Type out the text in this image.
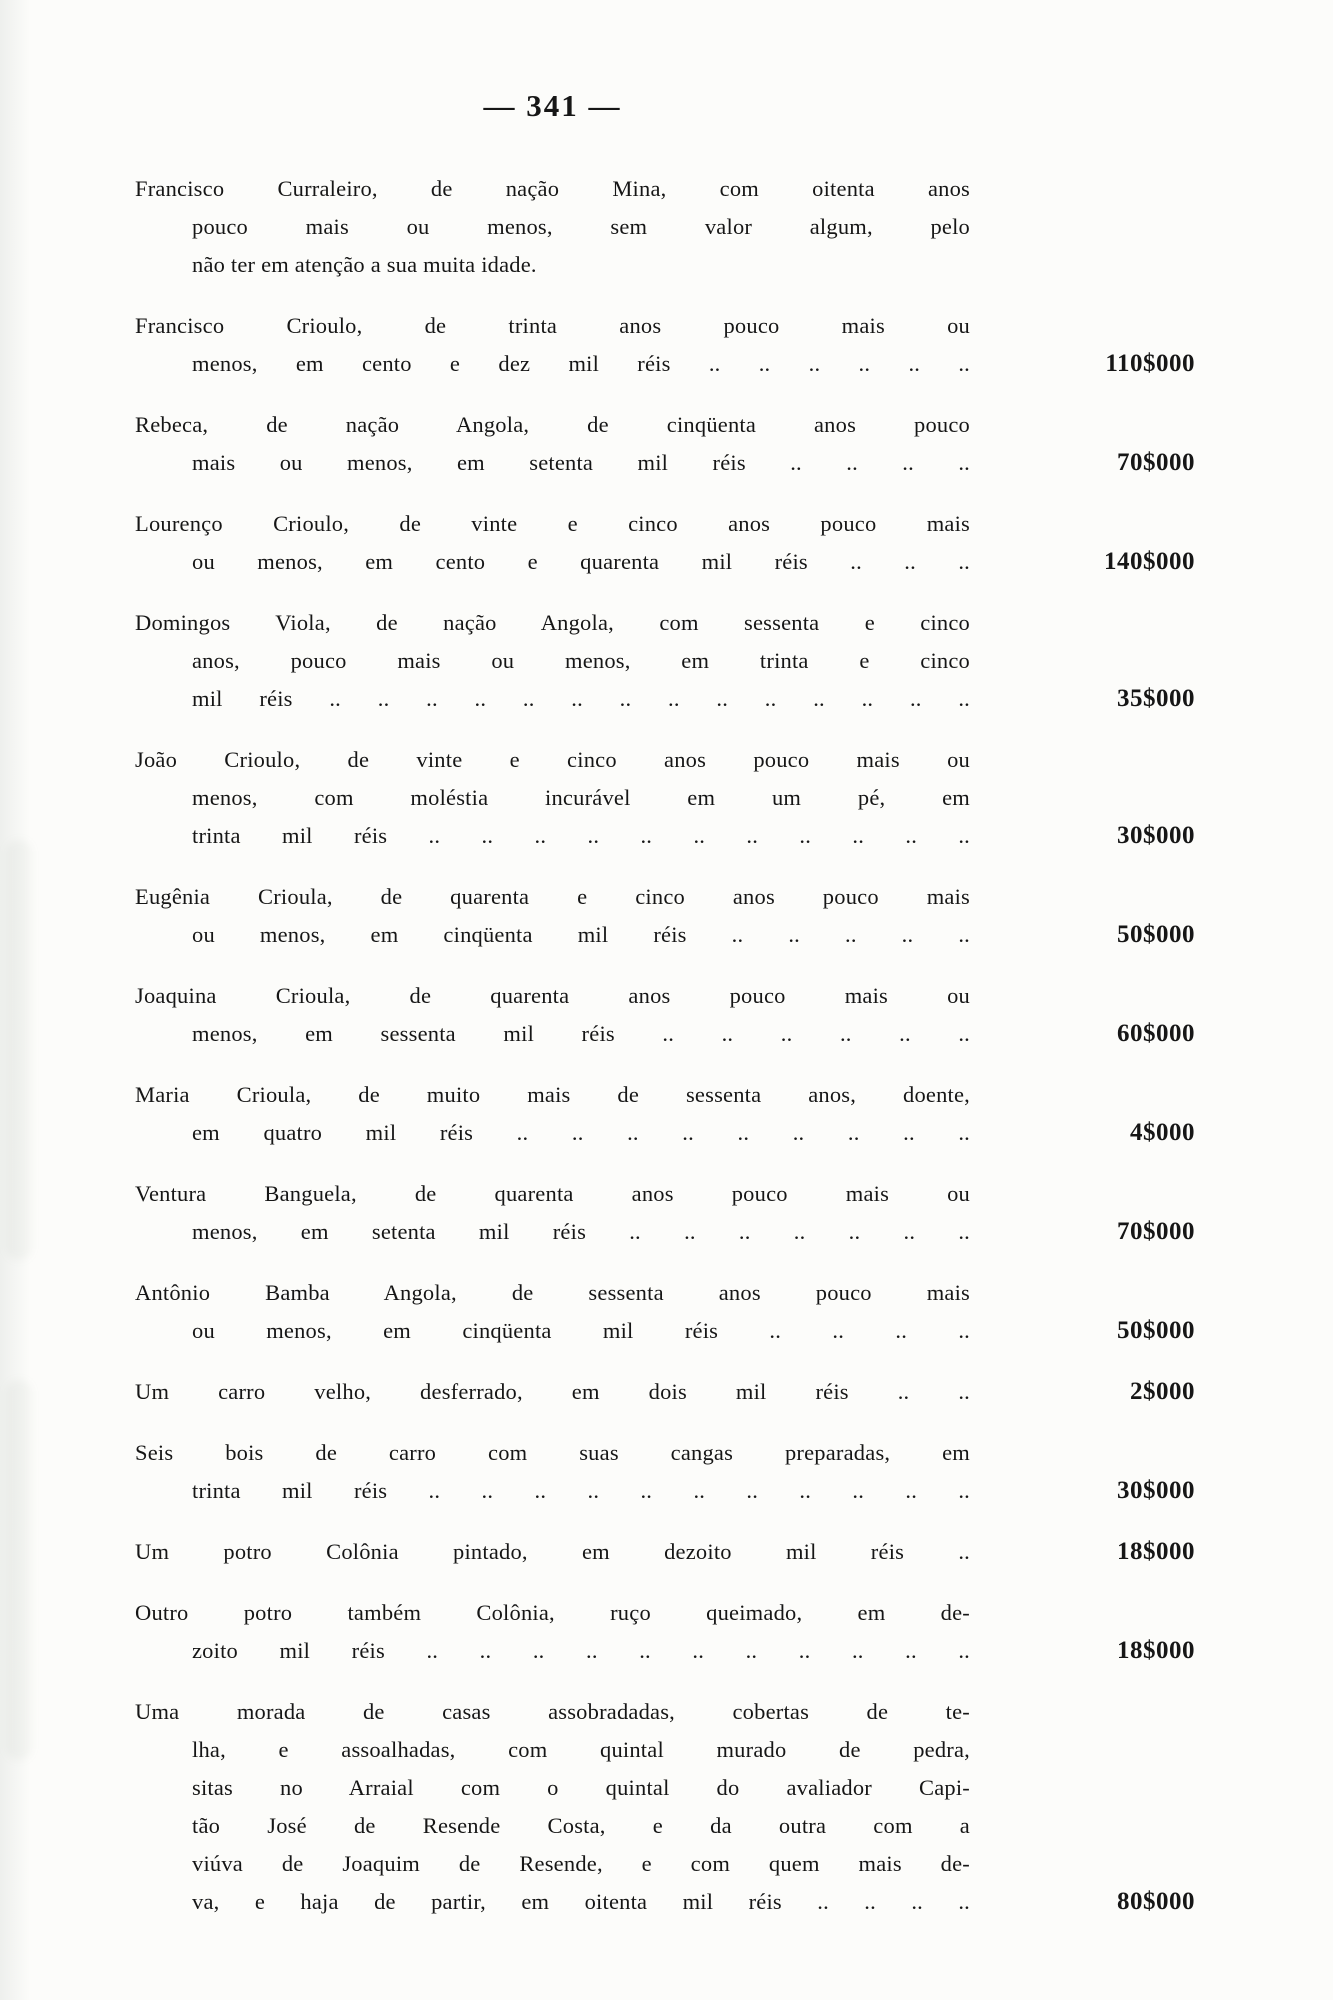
— 341 —
Francisco Curraleiro, de nação Mina, com oitenta anos
pouco mais ou menos, sem valor algum, pelo
não ter em atenção a sua muita idade.
Francisco Crioulo, de trinta anos pouco mais ou
menos, em cento e dez mil réis .. .. .. .. .. ..	110$000
Rebeca, de nação Angola, de cinqüenta anos pouco
mais ou menos, em setenta mil réis .. .. .. ..	70$000
Lourenço Crioulo, de vinte e cinco anos pouco mais
ou menos, em cento e quarenta mil réis .. .. ..	140$000
Domingos Viola, de nação Angola, com sessenta e cinco
anos, pouco mais ou menos, em trinta e cinco
mil réis .. .. .. .. .. .. .. .. .. .. .. .. .. ..	35$000
João Crioulo, de vinte e cinco anos pouco mais ou
menos, com moléstia incurável em um pé, em
trinta mil réis .. .. .. .. .. .. .. .. .. .. ..	30$000
Eugênia Crioula, de quarenta e cinco anos pouco mais
ou menos, em cinqüenta mil réis .. .. .. .. ..	50$000
Joaquina Crioula, de quarenta anos pouco mais ou
menos, em sessenta mil réis .. .. .. .. .. ..	60$000
Maria Crioula, de muito mais de sessenta anos, doente,
em quatro mil réis .. .. .. .. .. .. .. .. ..	4$000
Ventura Banguela, de quarenta anos pouco mais ou
menos, em setenta mil réis .. .. .. .. .. .. ..	70$000
Antônio Bamba Angola, de sessenta anos pouco mais
ou menos, em cinqüenta mil réis .. .. .. ..	50$000
Um carro velho, desferrado, em dois mil réis .. ..	2$000
Seis bois de carro com suas cangas preparadas, em
trinta mil réis .. .. .. .. .. .. .. .. .. .. ..	30$000
Um potro Colônia pintado, em dezoito mil réis ..	18$000
Outro potro também Colônia, ruço queimado, em de-
zoito mil réis .. .. .. .. .. .. .. .. .. .. ..	18$000
Uma morada de casas assobradadas, cobertas de te-
lha, e assoalhadas, com quintal murado de pedra,
sitas no Arraial com o quintal do avaliador Capi-
tão José de Resende Costa, e da outra com a
viúva de Joaquim de Resende, e com quem mais de-
va, e haja de partir, em oitenta mil réis .. .. .. ..	80$000
